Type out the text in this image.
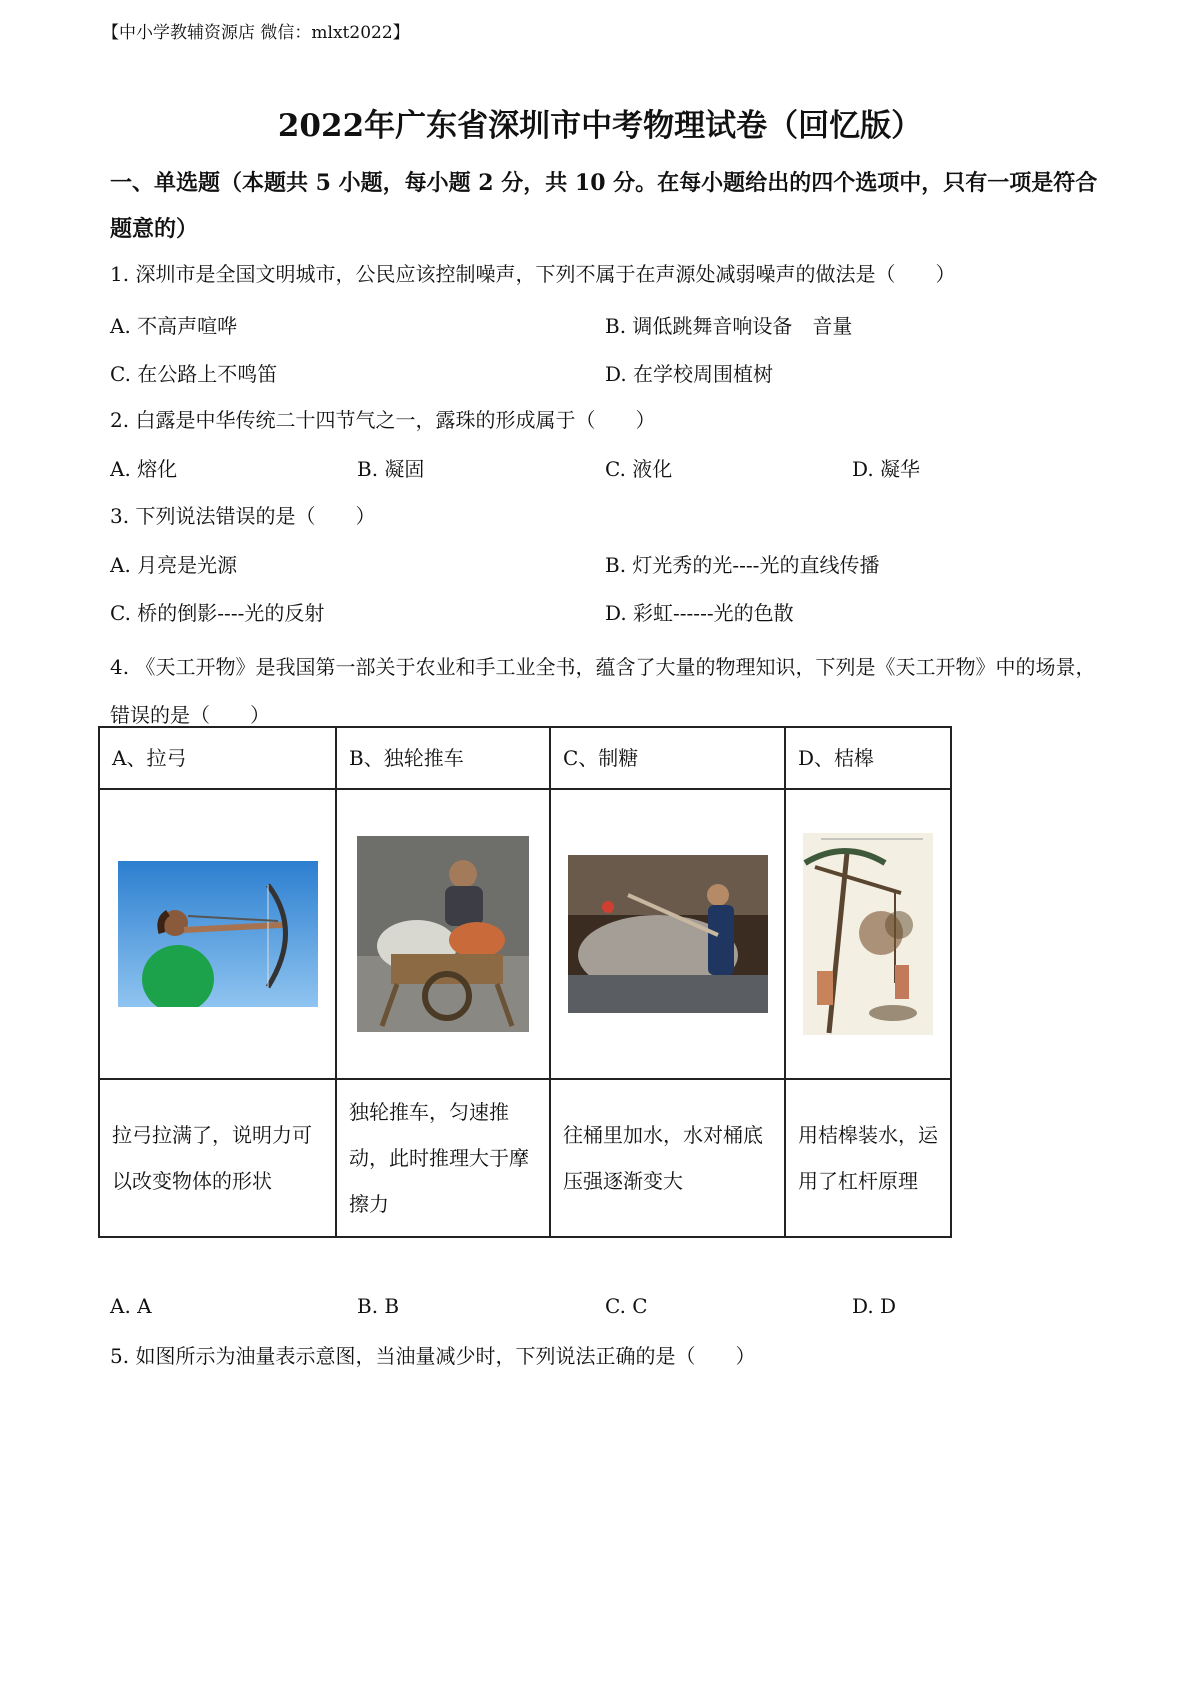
【中小学教辅资源店 微信：mlxt2022】
2022年广东省深圳市中考物理试卷（回忆版）
一、单选题（本题共 5 小题，每小题 2 分，共 10 分。在每小题给出的四个选项中，只有一项是符合题意的）
1. 深圳市是全国文明城市，公民应该控制噪声，下列不属于在声源处减弱噪声的做法是（　　）
A. 不高声喧哗	B. 调低跳舞音响设备　音量
C. 在公路上不鸣笛	D. 在学校周围植树
2. 白露是中华传统二十四节气之一，露珠的形成属于（　　）
A. 熔化	B. 凝固	C. 液化	D. 凝华
3. 下列说法错误的是（　　）
A. 月亮是光源	B. 灯光秀的光----光的直线传播
C. 桥的倒影----光的反射	D. 彩虹------光的色散
4. 《天工开物》是我国第一部关于农业和手工业全书，蕴含了大量的物理知识，下列是《天工开物》中的场景，错误的是（　　）
A、拉弓	B、独轮推车	C、制糖	D、桔槔

拉弓拉满了，说明力可以改变物体的形状	独轮推车，匀速推动，此时推理大于摩擦力	往桶里加水，水对桶底压强逐渐变大	用桔槔装水，运用了杠杆原理
A. A	B. B	C. C	D. D
5. 如图所示为油量表示意图，当油量减少时，下列说法正确的是（　　）
